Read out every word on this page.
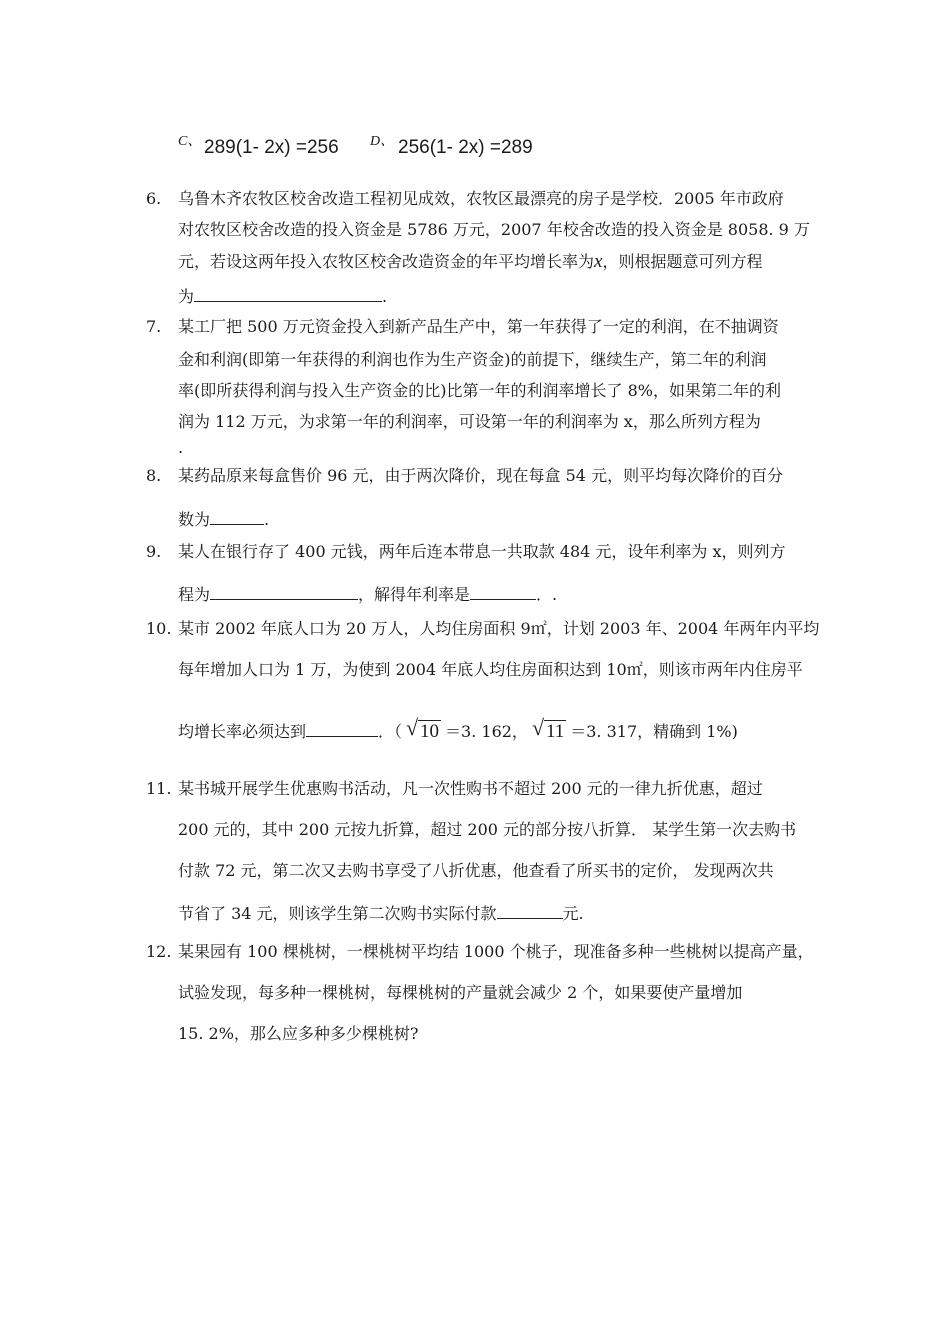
C、 289(1- 2x) =256 D、 256(1- 2x) =289
6. 乌鲁木齐农牧区校舍改造工程初见成效，农牧区最漂亮的房子是学校．2005 年市政府
对农牧区校舍改造的投入资金是 5786 万元，2007 年校舍改造的投入资金是 8058. 9 万
元，若设这两年投入农牧区校舍改造资金的年平均增长率为x，则根据题意可列方程
为	.
7. 某工厂把 500 万元资金投入到新产品生产中，第一年获得了一定的利润，在不抽调资
金和利润(即第一年获得的利润也作为生产资金)的前提下，继续生产，第二年的利润
率(即所获得利润与投入生产资金的比)比第一年的利润率增长了 8%，如果第二年的利
润为 112 万元，为求第一年的利润率，可设第一年的利润率为 x，那么所列方程为
.
8. 某药品原来每盒售价 96 元，由于两次降价，现在每盒 54 元，则平均每次降价的百分
数为	.
9. 某人在银行存了 400 元钱，两年后连本带息一共取款 484 元，设年利率为 x，则列方
程为	，解得年利率是	．.
10. 某市 2002 年底人口为 20 万人，人均住房面积 9㎡，计划 2003 年、2004 年两年内平均
每年增加人口为 1 万，为使到 2004 年底人均住房面积达到 10㎡，则该市两年内住房平
均增长率必须达到	．（ √ 10 ＝3. 162， √ 11 ＝3. 317，精确到 1%)
11. 某书城开展学生优惠购书活动，凡一次性购书不超过 200 元的一律九折优惠，超过
200 元的，其中 200 元按九折算，超过 200 元的部分按八折算． 某学生第一次去购书
付款 72 元，第二次又去购书享受了八折优惠，他查看了所买书的定价， 发现两次共
节省了 34 元，则该学生第二次购书实际付款	元.
12. 某果园有 100 棵桃树，一棵桃树平均结 1000 个桃子，现准备多种一些桃树以提高产量，
试验发现，每多种一棵桃树，每棵桃树的产量就会减少 2 个，如果要使产量增加
15. 2%，那么应多种多少棵桃树?
